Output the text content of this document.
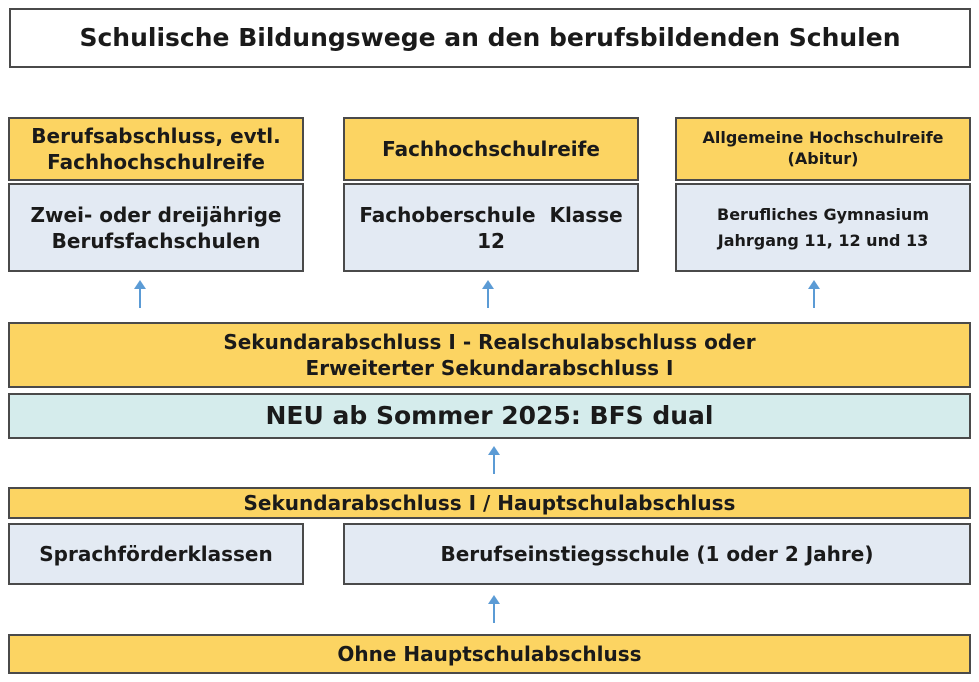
Schulische Bildungswege an den berufsbildenden Schulen
Berufsabschluss, evtl.
Fachhochschulreife
Zwei- oder dreijährige
Berufsfachschulen
Fachhochschulreife
Fachoberschule  Klasse
12
Allgemeine Hochschulreife
(Abitur)
Berufliches Gymnasium
Jahrgang 11, 12 und 13
Sekundarabschluss I - Realschulabschluss oder
Erweiterter Sekundarabschluss I
NEU ab Sommer 2025: BFS dual
Sekundarabschluss I / Hauptschulabschluss
Sprachförderklassen	Berufseinstiegsschule (1 oder 2 Jahre)
Ohne Hauptschulabschluss
